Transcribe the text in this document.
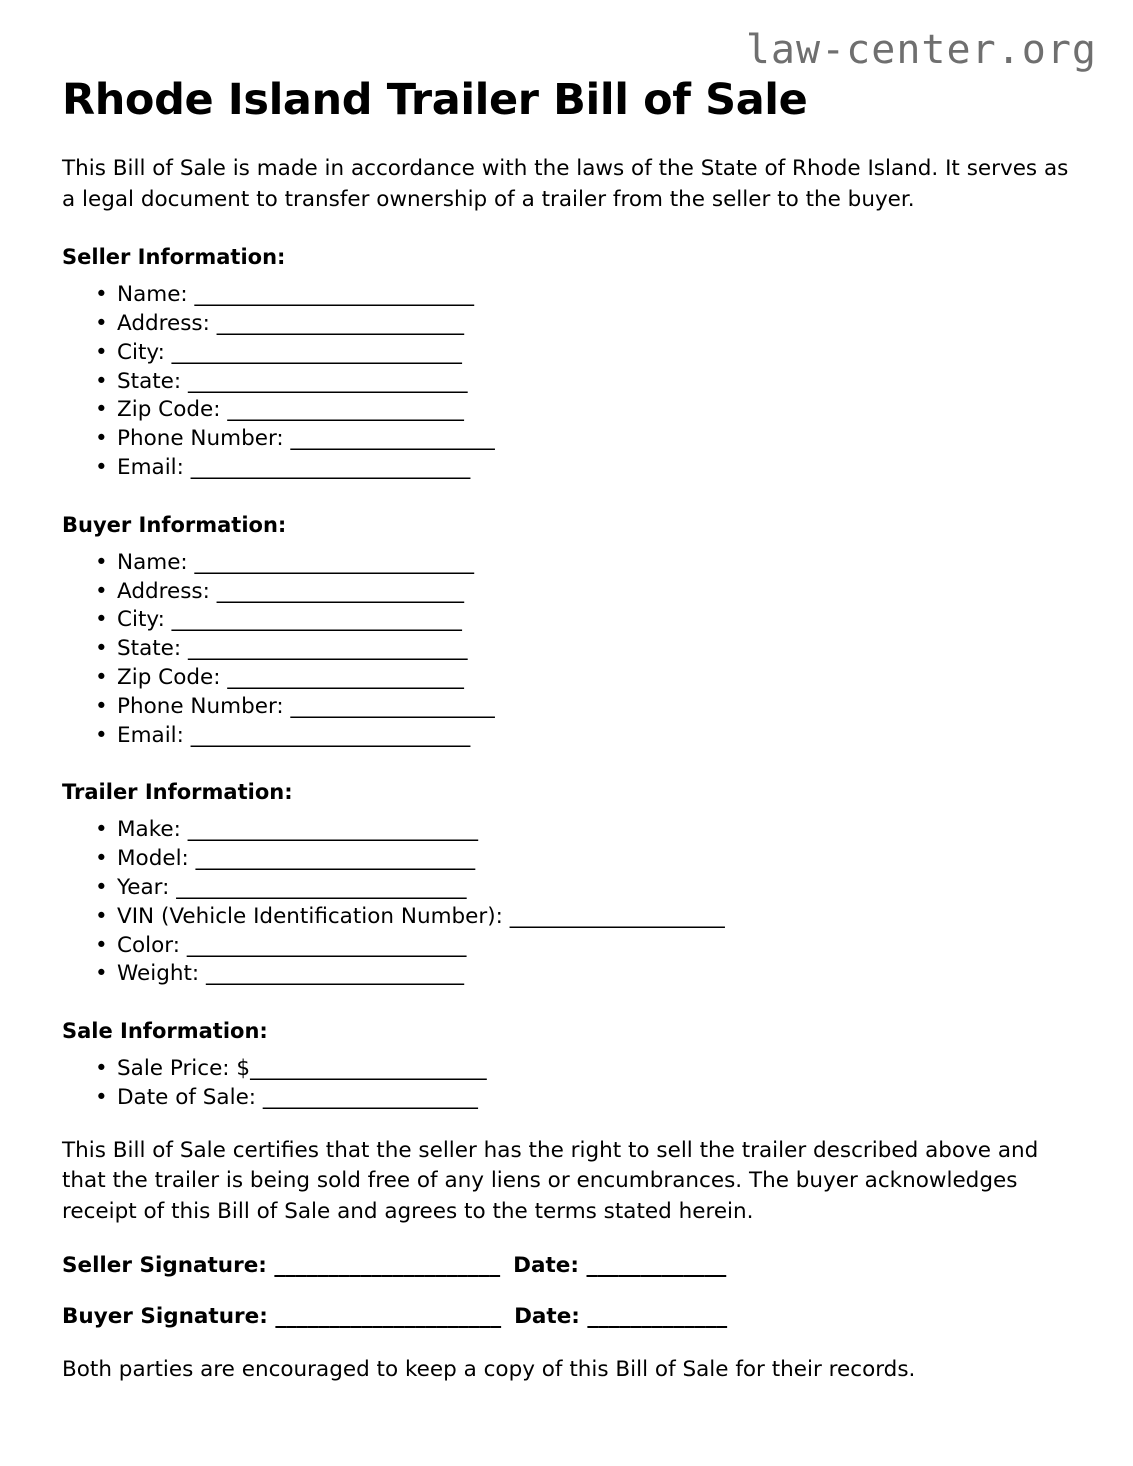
law-center.org
Rhode Island Trailer Bill of Sale

This Bill of Sale is made in accordance with the laws of the State of Rhode Island. It serves as a legal document to transfer ownership of a trailer from the seller to the buyer.

Seller Information:
• Name: __________________________
• Address: _______________________
• City: ___________________________
• State: __________________________
• Zip Code: ______________________
• Phone Number: ___________________
• Email: __________________________
Buyer Information:
• Name: __________________________
• Address: _______________________
• City: ___________________________
• State: __________________________
• Zip Code: ______________________
• Phone Number: ___________________
• Email: __________________________
Trailer Information:
• Make: ___________________________
• Model: __________________________
• Year: ___________________________
• VIN (Vehicle Identification Number): ____________________
• Color: __________________________
• Weight: ________________________
Sale Information:
• Sale Price: $______________________
• Date of Sale: ____________________

This Bill of Sale certifies that the seller has the right to sell the trailer described above and that the trailer is being sold free of any liens or encumbrances. The buyer acknowledges receipt of this Bill of Sale and agrees to the terms stated herein.

Seller Signature: _____________________ Date: _____________

Buyer Signature: _____________________ Date: _____________

Both parties are encouraged to keep a copy of this Bill of Sale for their records.
